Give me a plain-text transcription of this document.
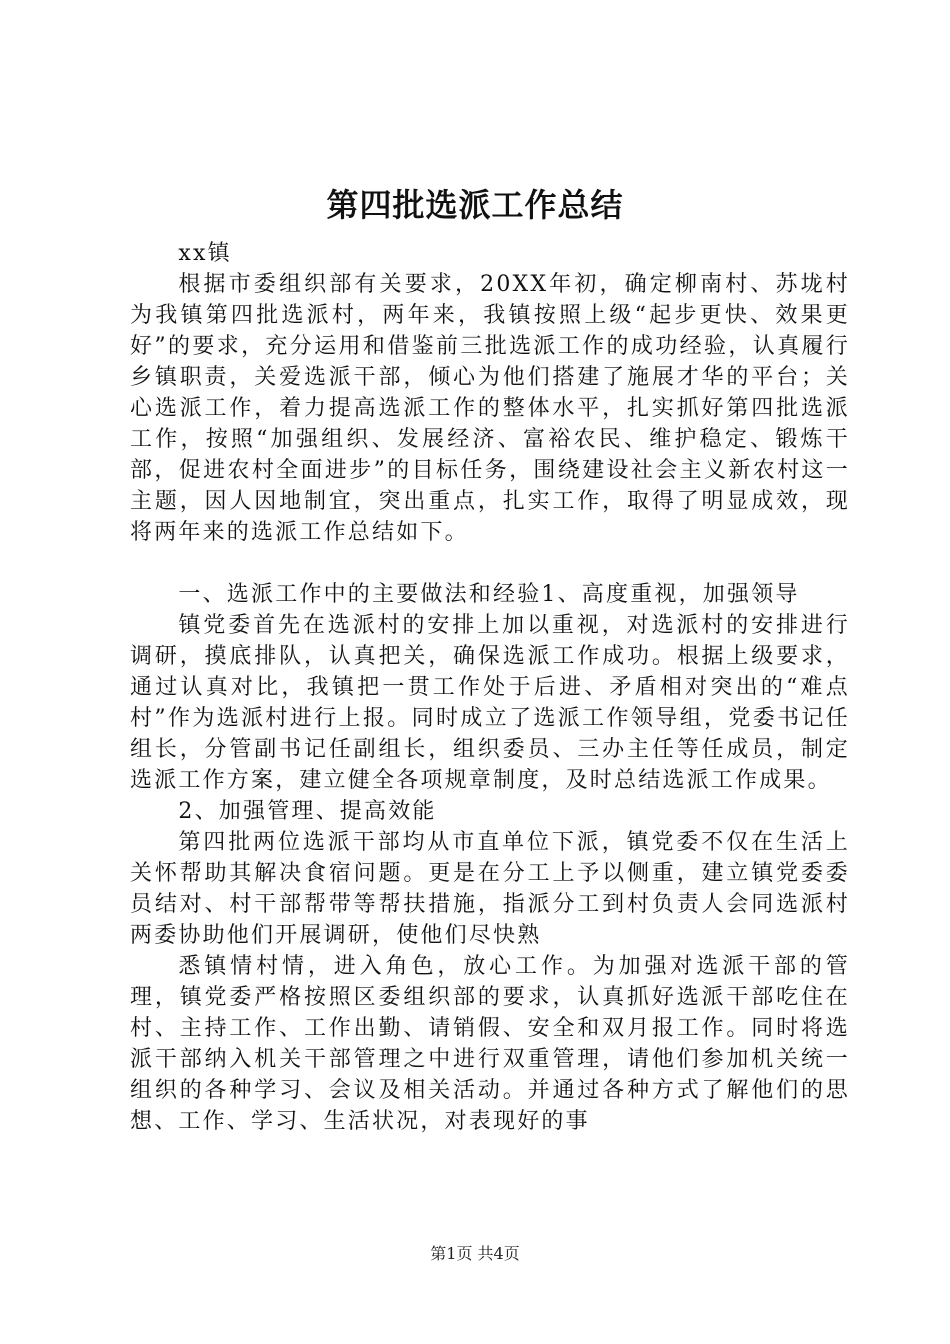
第四批选派工作总结

xx镇

根据市委组织部有关要求，20XX年初，确定柳南村、苏垅村为我镇第四批选派村，两年来，我镇按照上级“起步更快、效果更好”的要求，充分运用和借鉴前三批选派工作的成功经验，认真履行乡镇职责，关爱选派干部，倾心为他们搭建了施展才华的平台；关心选派工作，着力提高选派工作的整体水平，扎实抓好第四批选派工作，按照“加强组织、发展经济、富裕农民、维护稳定、锻炼干部，促进农村全面进步”的目标任务，围绕建设社会主义新农村这一主题，因人因地制宜，突出重点，扎实工作，取得了明显成效，现将两年来的选派工作总结如下。

一、选派工作中的主要做法和经验1、高度重视，加强领导

镇党委首先在选派村的安排上加以重视，对选派村的安排进行调研，摸底排队，认真把关，确保选派工作成功。根据上级要求，通过认真对比，我镇把一贯工作处于后进、矛盾相对突出的“难点村”作为选派村进行上报。同时成立了选派工作领导组，党委书记任组长，分管副书记任副组长，组织委员、三办主任等任成员，制定选派工作方案，建立健全各项规章制度，及时总结选派工作成果。

2、加强管理、提高效能

第四批两位选派干部均从市直单位下派，镇党委不仅在生活上关怀帮助其解决食宿问题。更是在分工上予以侧重，建立镇党委委员结对、村干部帮带等帮扶措施，指派分工到村负责人会同选派村两委协助他们开展调研，使他们尽快熟

悉镇情村情，进入角色，放心工作。为加强对选派干部的管理，镇党委严格按照区委组织部的要求，认真抓好选派干部吃住在村、主持工作、工作出勤、请销假、安全和双月报工作。同时将选派干部纳入机关干部管理之中进行双重管理，请他们参加机关统一组织的各种学习、会议及相关活动。并通过各种方式了解他们的思想、工作、学习、生活状况，对表现好的事

第1页 共4页
